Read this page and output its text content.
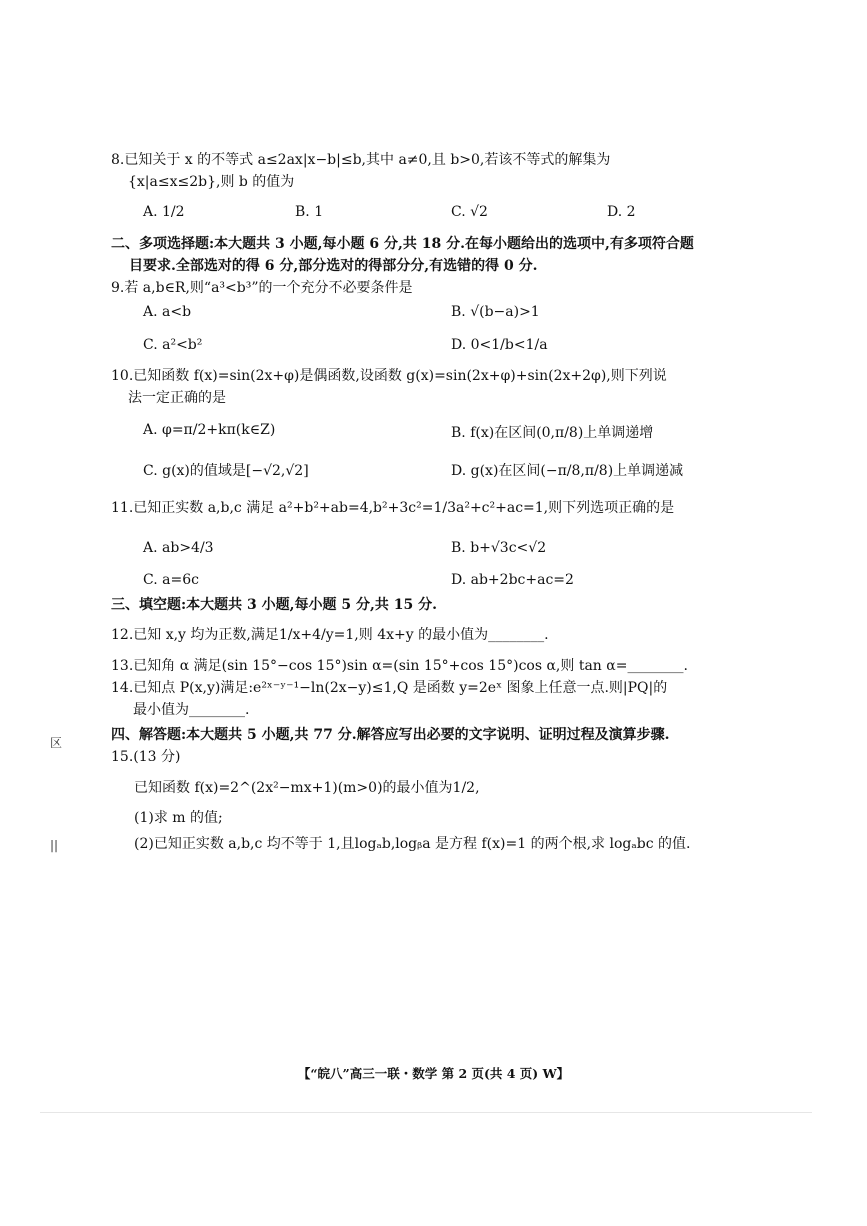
8.已知关于 x 的不等式 a≤2ax|x−b|≤b,其中 a≠0,且 b>0,若该不等式的解集为
{x|a≤x≤2b},则 b 的值为
A. 1/2	B. 1	C. √2	D. 2
二、多项选择题:本大题共 3 小题,每小题 6 分,共 18 分.在每小题给出的选项中,有多项符合题
目要求.全部选对的得 6 分,部分选对的得部分分,有选错的得 0 分.
9.若 a,b∈R,则“a³<b³”的一个充分不必要条件是
A. a<b	B. √(b−a)>1
C. a²<b²	D. 0<1/b<1/a
10.已知函数 f(x)=sin(2x+φ)是偶函数,设函数 g(x)=sin(2x+φ)+sin(2x+2φ),则下列说
法一定正确的是
A. φ=π/2+kπ(k∈Z)	B. f(x)在区间(0,π/8)上单调递增
C. g(x)的值域是[−√2,√2]	D. g(x)在区间(−π/8,π/8)上单调递减
11.已知正实数 a,b,c 满足 a²+b²+ab=4,b²+3c²=1/3a²+c²+ac=1,则下列选项正确的是
A. ab>4/3	B. b+√3c<√2
C. a=6c	D. ab+2bc+ac=2
三、填空题:本大题共 3 小题,每小题 5 分,共 15 分.
12.已知 x,y 均为正数,满足1/x+4/y=1,则 4x+y 的最小值为________.
13.已知角 α 满足(sin 15°−cos 15°)sin α=(sin 15°+cos 15°)cos α,则 tan α=________.
14.已知点 P(x,y)满足:e²ˣ⁻ʸ⁻¹−ln(2x−y)≤1,Q 是函数 y=2eˣ 图象上任意一点.则|PQ|的
最小值为________.
四、解答题:本大题共 5 小题,共 77 分.解答应写出必要的文字说明、证明过程及演算步骤.
15.(13 分)
已知函数 f(x)=2^(2x²−mx+1)(m>0)的最小值为1/2,
(1)求 m 的值;
(2)已知正实数 a,b,c 均不等于 1,且logₐb,logᵦa 是方程 f(x)=1 的两个根,求 logₐbc 的值.
区
||
【“皖八”高三一联・数学 第 2 页(共 4 页) W】
